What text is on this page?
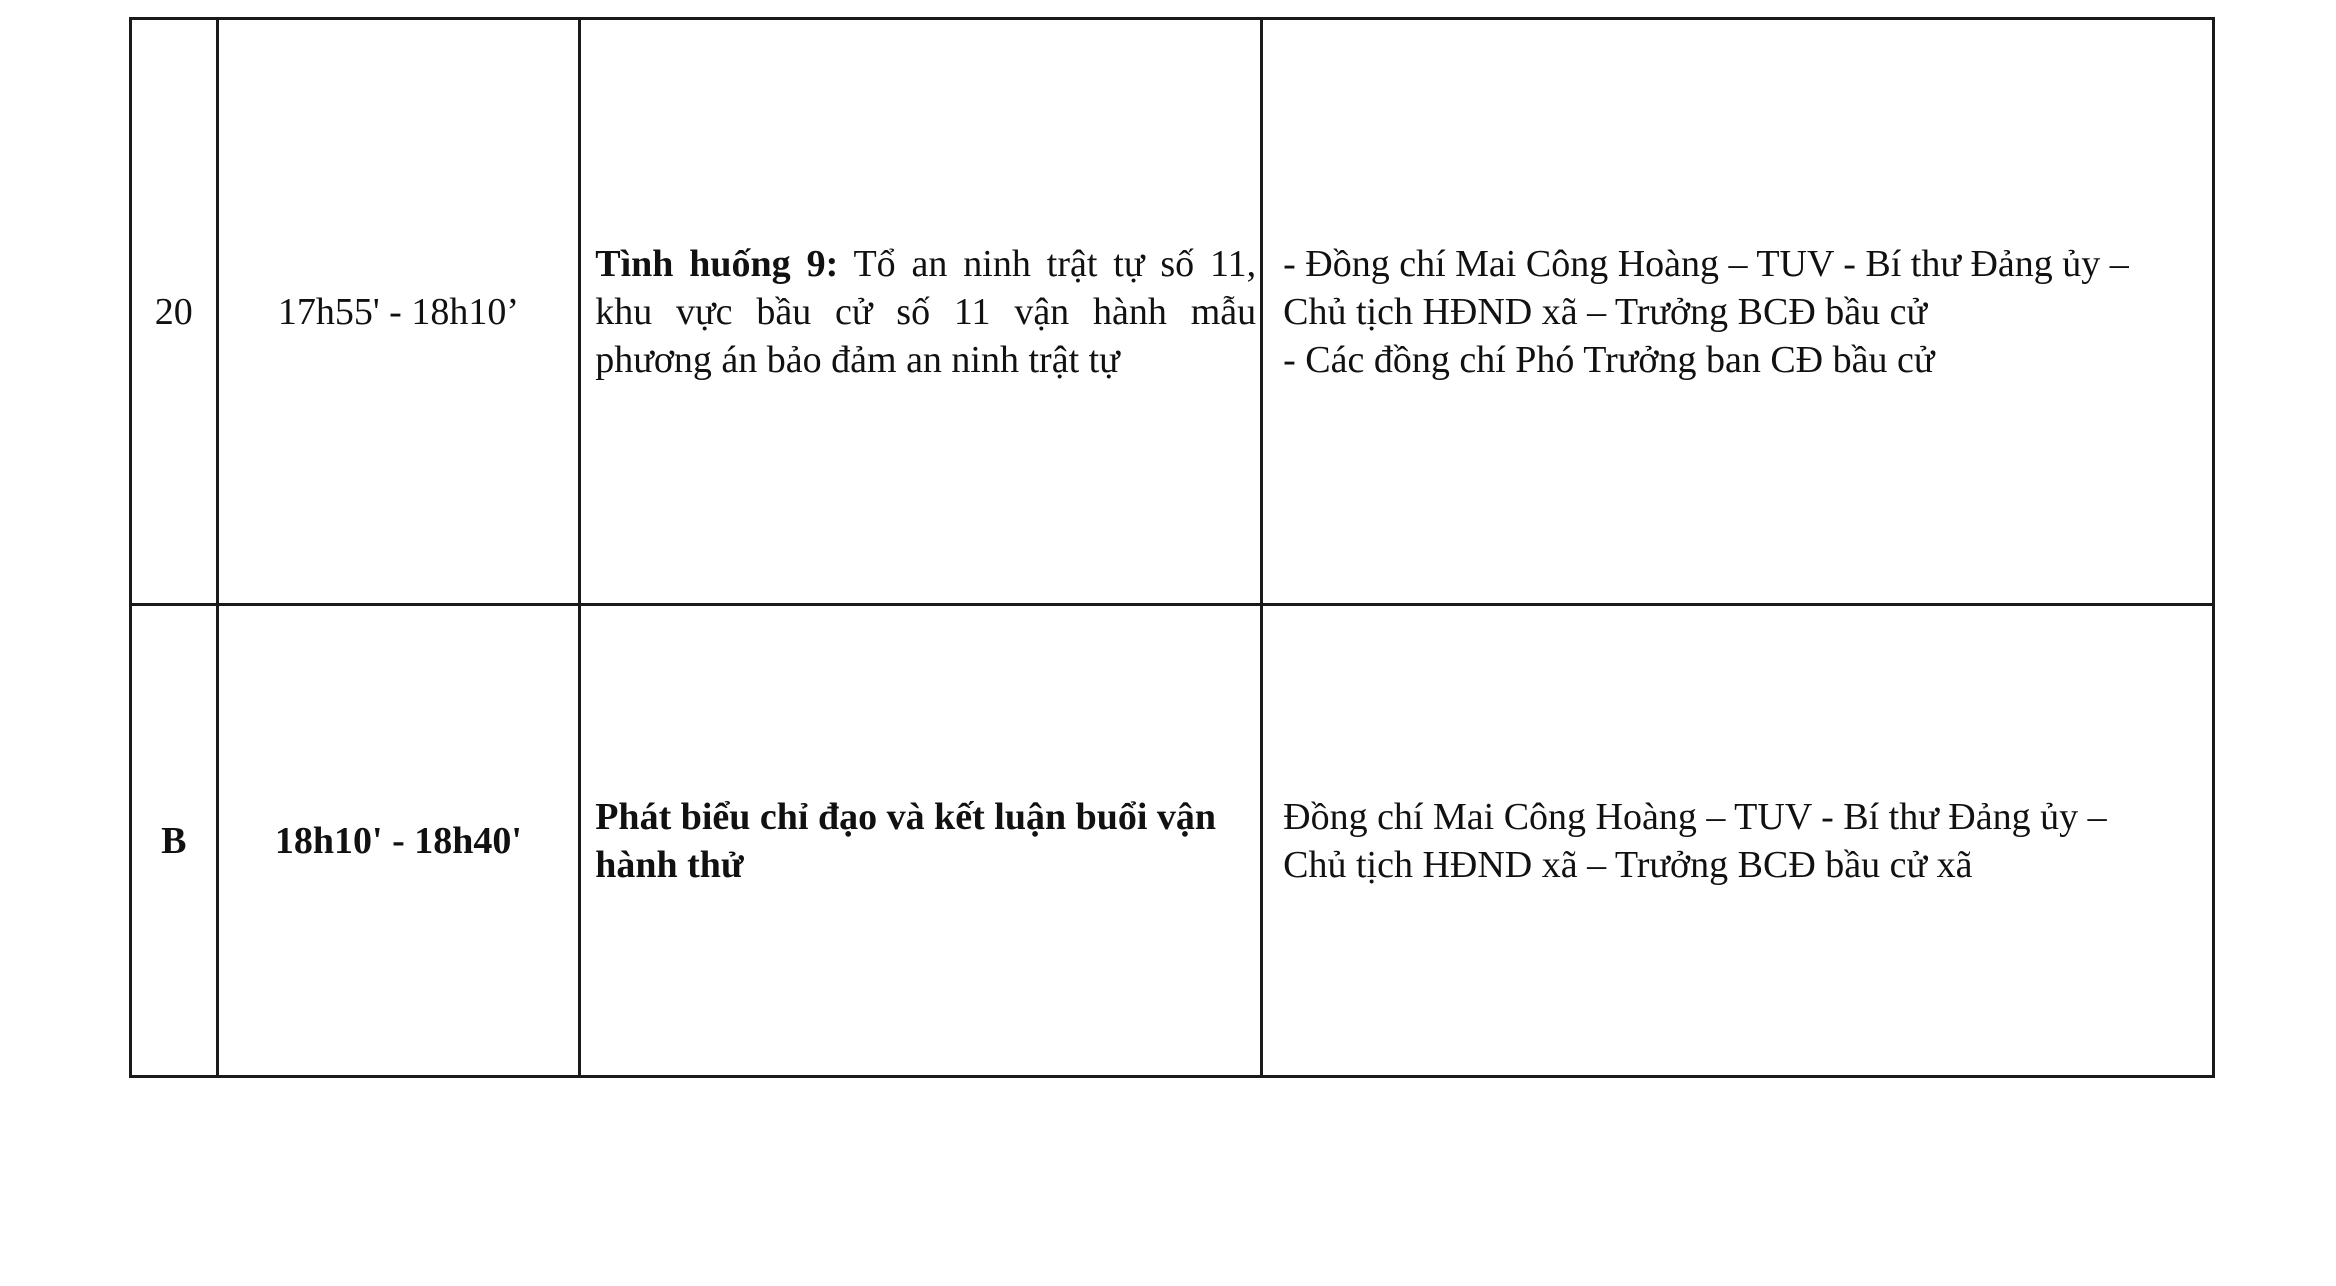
20	17h55' - 18h10’	Tình huống 9: Tổ an ninh trật tự số 11, khu vực bầu cử số 11 vận hành mẫu phương án bảo đảm an ninh trật tự	- Đồng chí Mai Công Hoàng – TUV - Bí thư Đảng ủy –
Chủ tịch HĐND xã – Trưởng BCĐ bầu cử
- Các đồng chí Phó Trưởng ban CĐ bầu cử

B	18h10' - 18h40'	Phát biểu chỉ đạo và kết luận buổi vận hành thử	Đồng chí Mai Công Hoàng – TUV - Bí thư Đảng ủy –
Chủ tịch HĐND xã – Trưởng BCĐ bầu cử xã
